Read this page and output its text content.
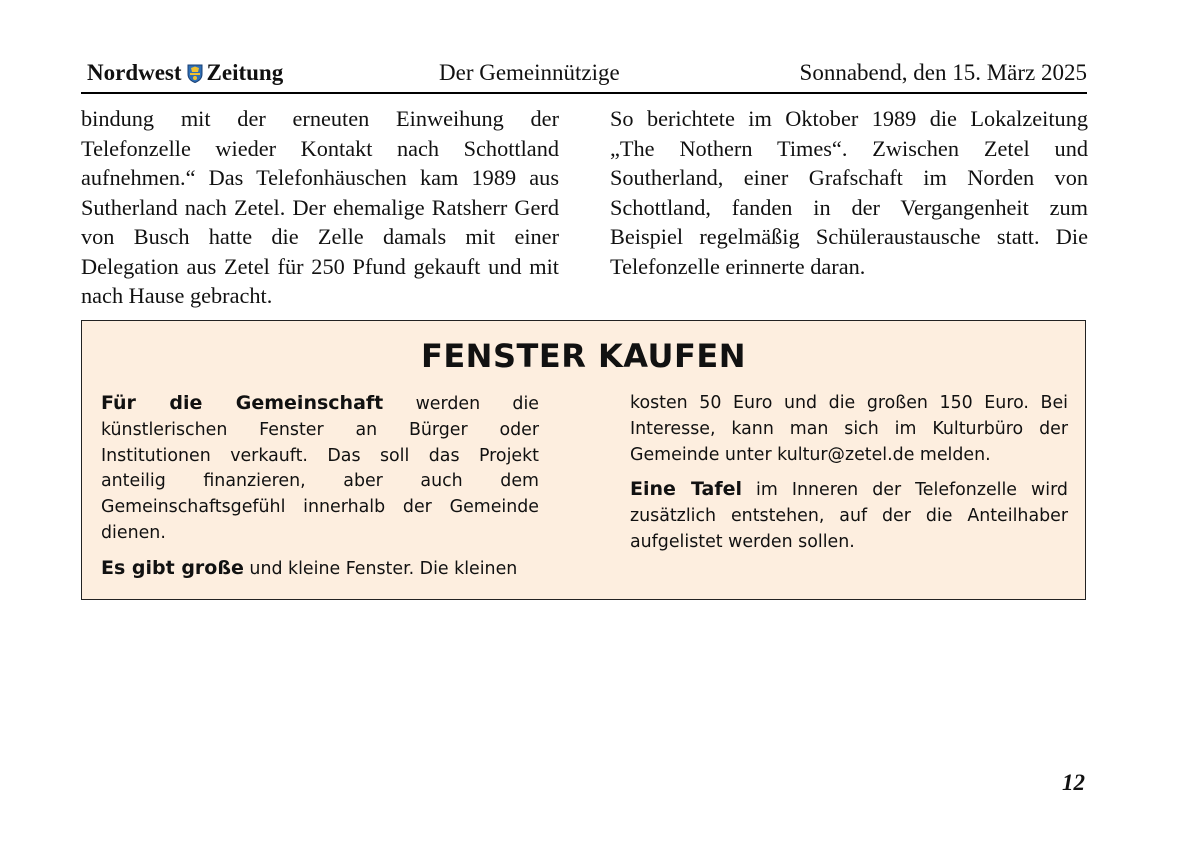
Nordwest Zeitung	Der Gemeinnützige	Sonnabend, den 15. März 2025
bindung mit der erneuten Einweihung der Telefonzelle wieder Kontakt nach Schottland aufnehmen.“ Das Telefonhäuschen kam 1989 aus Sutherland nach Zetel. Der ehemalige Ratsherr Gerd von Busch hatte die Zelle damals mit einer Delegation aus Zetel für 250 Pfund gekauft und mit nach Hause gebracht.
So berichtete im Oktober 1989 die Lokalzeitung „The Nothern Times“. Zwischen Zetel und Southerland, einer Grafschaft im Norden von Schottland, fanden in der Vergangenheit zum Beispiel regelmäßig Schüleraustausche statt. Die Telefonzelle erinnerte daran.
FENSTER KAUFEN

Für die Gemeinschaft werden die künstlerischen Fenster an Bürger oder Institutionen verkauft. Das soll das Projekt anteilig finanzieren, aber auch dem Gemeinschaftsgefühl innerhalb der Gemeinde dienen.

Es gibt große und kleine Fenster. Die kleinen

kosten 50 Euro und die großen 150 Euro. Bei Interesse, kann man sich im Kulturbüro der Gemeinde unter kultur@zetel.de melden.

Eine Tafel im Inneren der Telefonzelle wird zusätzlich entstehen, auf der die Anteilhaber aufgelistet werden sollen.

12
